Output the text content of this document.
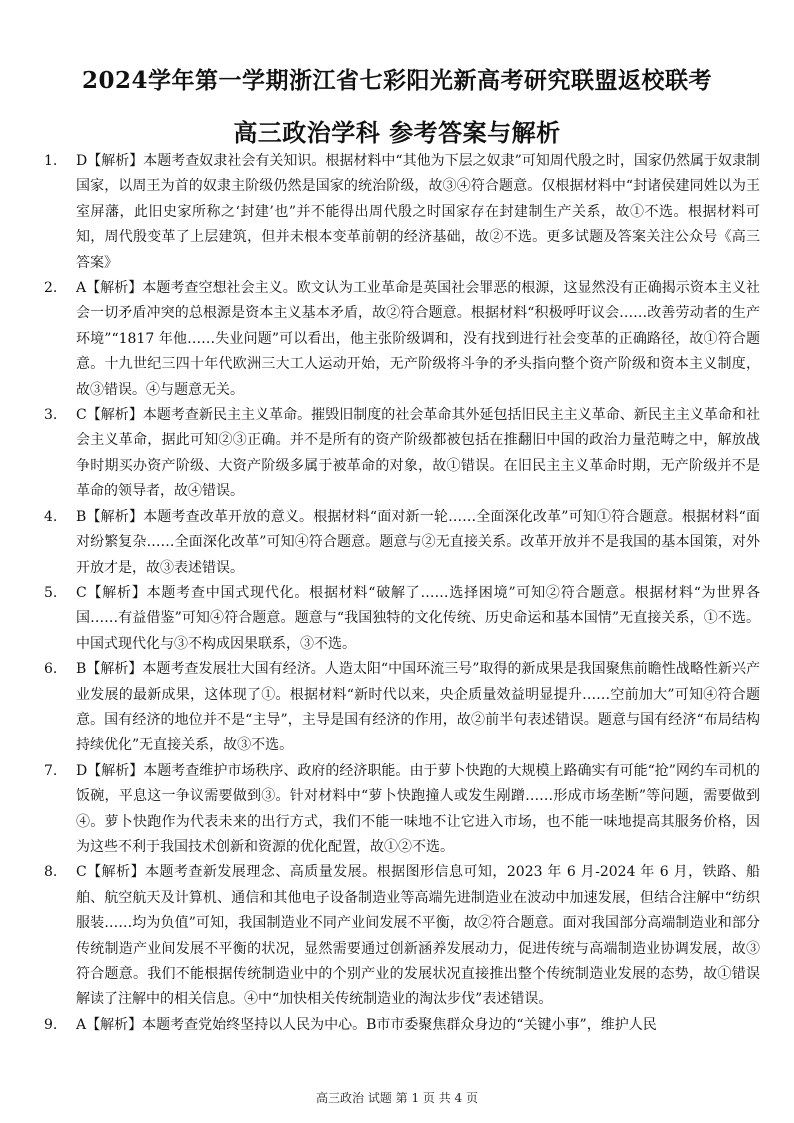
2024学年第一学期浙江省七彩阳光新高考研究联盟返校联考
高三政治学科 参考答案与解析
1. D【解析】本题考查奴隶社会有关知识。根据材料中“其他为下层之奴隶”可知周代殷之时，国家仍然属于奴隶制国家，以周王为首的奴隶主阶级仍然是国家的统治阶级，故③④符合题意。仅根据材料中“封诸侯建同姓以为王室屏藩，此旧史家所称之‘封建’也”并不能得出周代殷之时国家存在封建制生产关系，故①不选。根据材料可知，周代殷变革了上层建筑，但并未根本变革前朝的经济基础，故②不选。更多试题及答案关注公众号《高三答案》
2. A【解析】本题考查空想社会主义。欧文认为工业革命是英国社会罪恶的根源，这显然没有正确揭示资本主义社会一切矛盾冲突的总根源是资本主义基本矛盾，故②符合题意。根据材料“积极呼吁议会……改善劳动者的生产环境”“1817 年他……失业问题”可以看出，他主张阶级调和，没有找到进行社会变革的正确路径，故①符合题意。十九世纪三四十年代欧洲三大工人运动开始，无产阶级将斗争的矛头指向整个资产阶级和资本主义制度，故③错误。④与题意无关。
3. C【解析】本题考查新民主主义革命。摧毁旧制度的社会革命其外延包括旧民主主义革命、新民主主义革命和社会主义革命，据此可知②③正确。并不是所有的资产阶级都被包括在推翻旧中国的政治力量范畴之中，解放战争时期买办资产阶级、大资产阶级多属于被革命的对象，故①错误。在旧民主主义革命时期，无产阶级并不是革命的领导者，故④错误。
4. B【解析】本题考查改革开放的意义。根据材料“面对新一轮……全面深化改革”可知①符合题意。根据材料“面对纷繁复杂……全面深化改革”可知④符合题意。题意与②无直接关系。改革开放并不是我国的基本国策，对外开放才是，故③表述错误。
5. C【解析】本题考查中国式现代化。根据材料“破解了……选择困境”可知②符合题意。根据材料“为世界各国……有益借鉴”可知④符合题意。题意与“我国独特的文化传统、历史命运和基本国情”无直接关系，①不选。中国式现代化与③不构成因果联系，③不选。
6. B【解析】本题考查发展壮大国有经济。人造太阳“中国环流三号”取得的新成果是我国聚焦前瞻性战略性新兴产业发展的最新成果，这体现了①。根据材料“新时代以来，央企质量效益明显提升……空前加大”可知④符合题意。国有经济的地位并不是“主导”，主导是国有经济的作用，故②前半句表述错误。题意与国有经济“布局结构持续优化”无直接关系，故③不选。
7. D【解析】本题考查维护市场秩序、政府的经济职能。由于萝卜快跑的大规模上路确实有可能“抢”网约车司机的饭碗，平息这一争议需要做到③。针对材料中“萝卜快跑撞人或发生剐蹭……形成市场垄断”等问题，需要做到④。萝卜快跑作为代表未来的出行方式，我们不能一味地不让它进入市场，也不能一味地提高其服务价格，因为这些不利于我国技术创新和资源的优化配置，故①②不选。
8. C【解析】本题考查新发展理念、高质量发展。根据图形信息可知，2023 年 6 月-2024 年 6 月，铁路、船舶、航空航天及计算机、通信和其他电子设备制造业等高端先进制造业在波动中加速发展，但结合注解中“纺织服装……均为负值”可知，我国制造业不同产业间发展不平衡，故②符合题意。面对我国部分高端制造业和部分传统制造产业间发展不平衡的状况，显然需要通过创新涵养发展动力，促进传统与高端制造业协调发展，故③符合题意。我们不能根据传统制造业中的个别产业的发展状况直接推出整个传统制造业发展的态势，故①错误解读了注解中的相关信息。④中“加快相关传统制造业的淘汰步伐”表述错误。
9. A【解析】本题考查党始终坚持以人民为中心。B市市委聚焦群众身边的“关键小事”，维护人民
高三政治 试题 第 1 页 共 4 页
